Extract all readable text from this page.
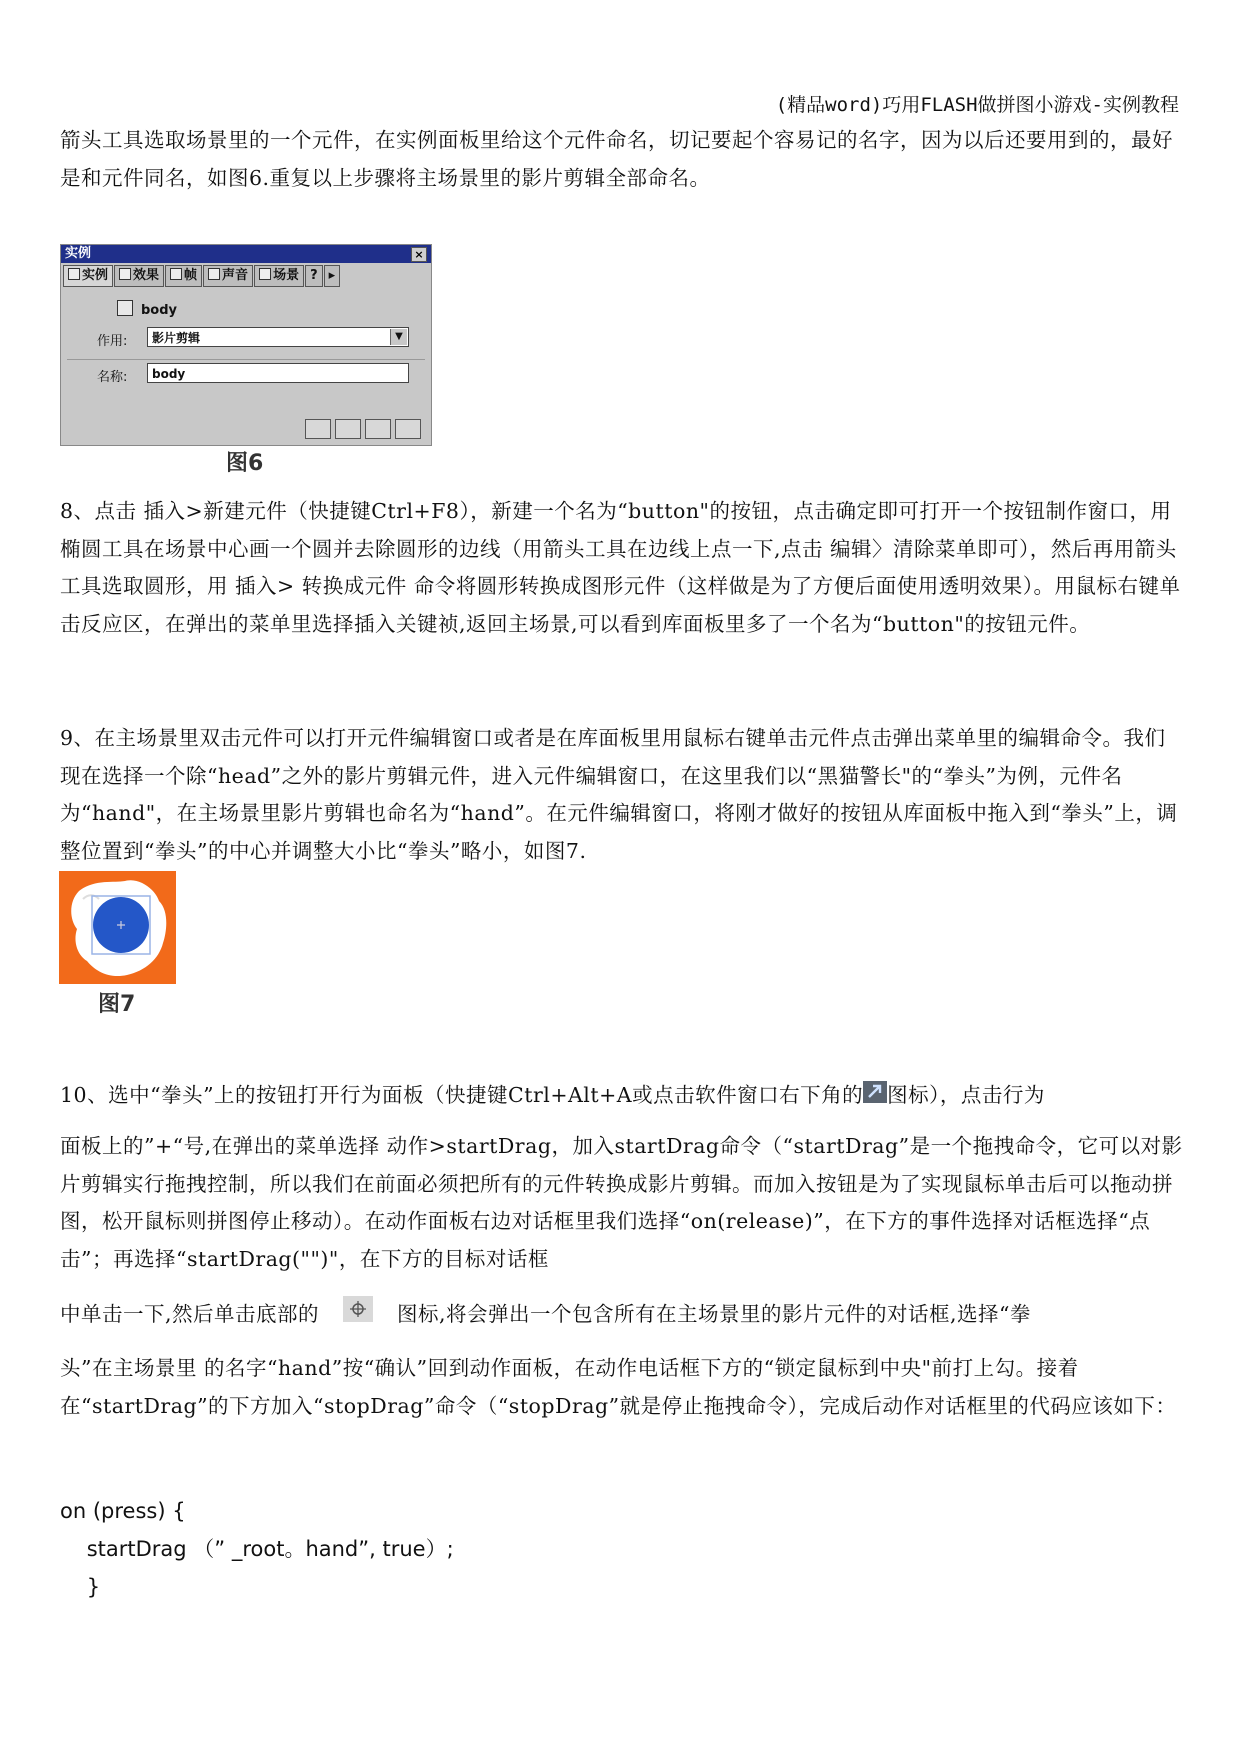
(精品word)巧用FLASH做拼图小游戏-实例教程
箭头工具选取场景里的一个元件，在实例面板里给这个元件命名，切记要起个容易记的名字，因为以后还要用到的，最好是和元件同名，如图6.重复以上步骤将主场景里的影片剪辑全部命名。
实例	×
实例	效果	帧	声音	场景 ? ▸
body
作用:	影片剪辑	▼
名称:	body
图6
8、点击 插入>新建元件（快捷键Ctrl+F8），新建一个名为“button"的按钮，点击确定即可打开一个按钮制作窗口，用椭圆工具在场景中心画一个圆并去除圆形的边线（用箭头工具在边线上点一下,点击 编辑〉清除菜单即可），然后再用箭头工具选取圆形，用 插入> 转换成元件 命令将圆形转换成图形元件（这样做是为了方便后面使用透明效果）。用鼠标右键单击反应区，在弹出的菜单里选择插入关键祯,返回主场景,可以看到库面板里多了一个名为“button"的按钮元件。
9、在主场景里双击元件可以打开元件编辑窗口或者是在库面板里用鼠标右键单击元件点击弹出菜单里的编辑命令。我们现在选择一个除“head”之外的影片剪辑元件，进入元件编辑窗口，在这里我们以“黑猫警长"的“拳头”为例，元件名为“hand"，在主场景里影片剪辑也命名为“hand”。在元件编辑窗口，将刚才做好的按钮从库面板中拖入到“拳头”上，调整位置到“拳头”的中心并调整大小比“拳头”略小，如图7.
图7
10、选中“拳头”上的按钮打开行为面板（快捷键Ctrl+Alt+A或点击软件窗口右下角的 图标），点击行为
面板上的”+“号,在弹出的菜单选择 动作>startDrag，加入startDrag命令（“startDrag”是一个拖拽命令，它可以对影片剪辑实行拖拽控制，所以我们在前面必须把所有的元件转换成影片剪辑。而加入按钮是为了实现鼠标单击后可以拖动拼图，松开鼠标则拼图停止移动）。在动作面板右边对话框里我们选择“on(release)”，在下方的事件选择对话框选择“点击”；再选择“startDrag("")"，在下方的目标对话框
中单击一下,然后单击底部的	图标,将会弹出一个包含所有在主场景里的影片元件的对话框,选择“拳
头”在主场景里 的名字“hand”按“确认”回到动作面板，在动作电话框下方的“锁定鼠标到中央"前打上勾。接着在“startDrag”的下方加入“stopDrag”命令（“stopDrag”就是停止拖拽命令），完成后动作对话框里的代码应该如下：
on (press) {
startDrag （” _root。hand”, true）;
}
